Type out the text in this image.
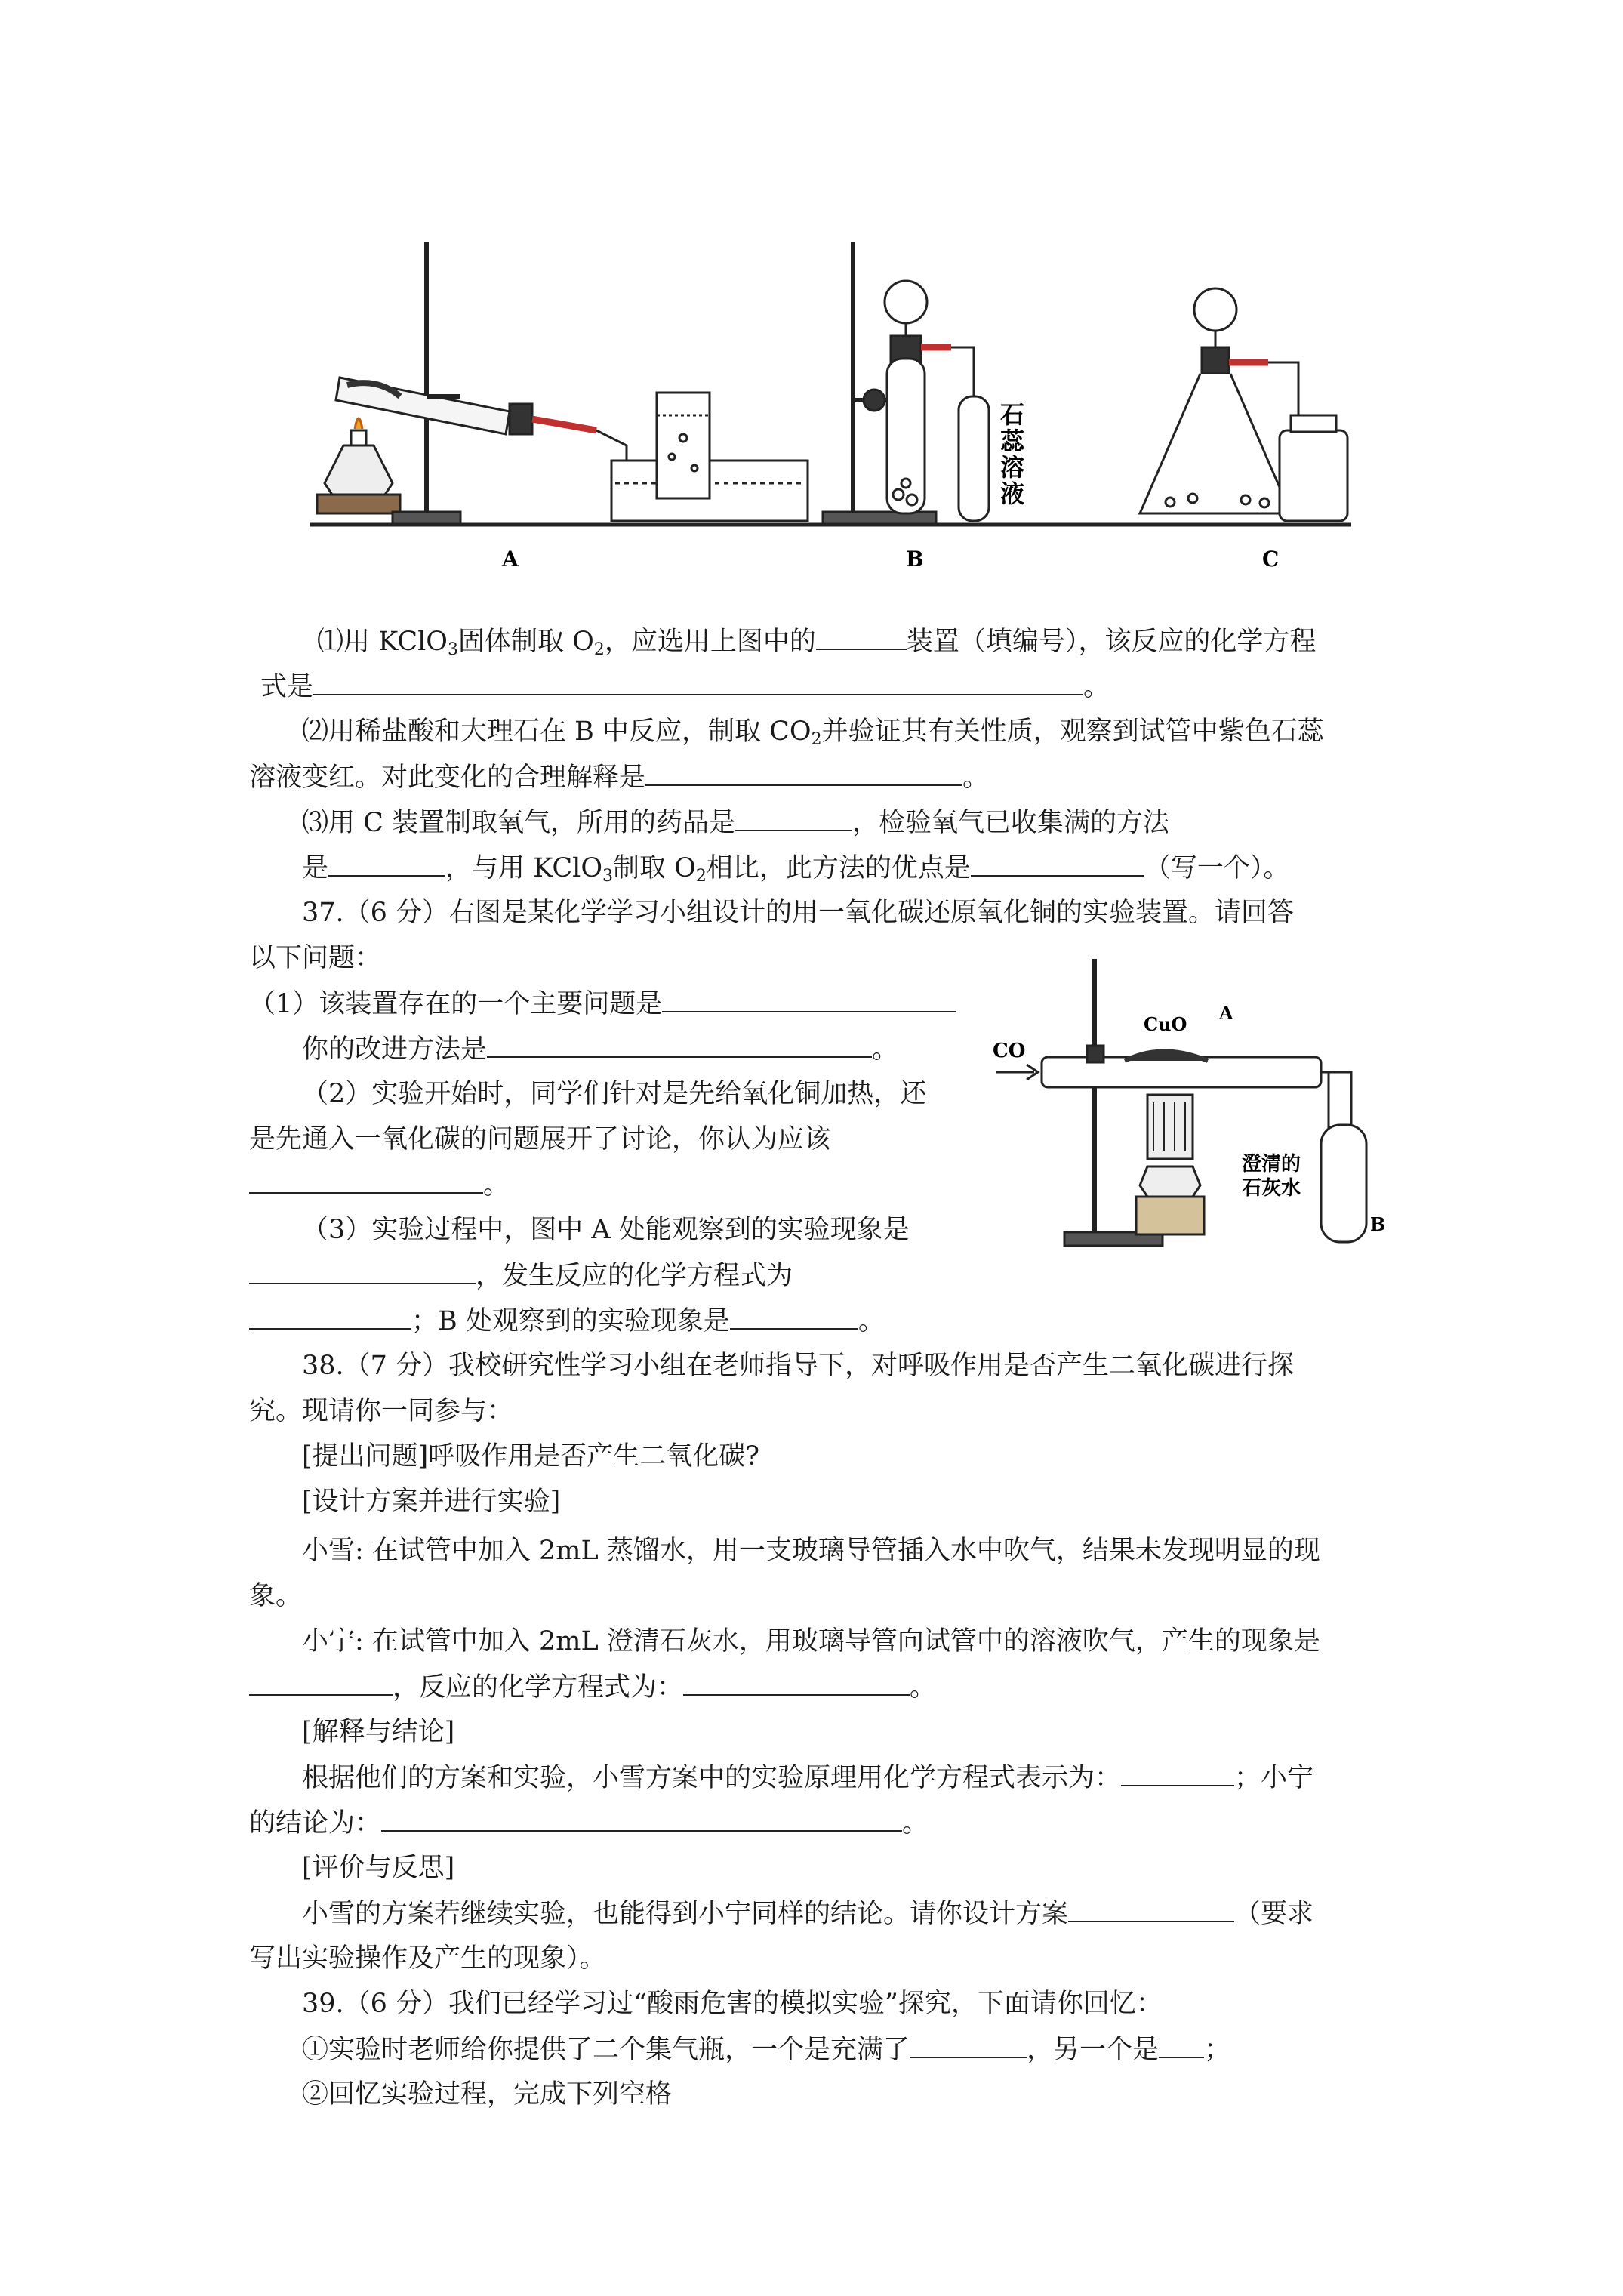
A	B	C
石
蕊
溶
液
⑴用 KClO$_3$固体制取 $O_2$，应选用上图中的	装置（填编号），该反应的化学方程
式是	。
⑵用稀盐酸和大理石在 B 中反应，制取 $CO_2$并验证其有关性质，观察到试管中紫色石蕊
溶液变红。对此变化的合理解释是	。
⑶用 C 装置制取氧气，所用的药品是	，检验氧气已收集满的方法
是	，与用 KClO$_3$制取 $O_2$相比，此方法的优点是	（写一个）。
37.（6 分）右图是某化学学习小组设计的用一氧化碳还原氧化铜的实验装置。请回答
以下问题：
（1）该装置存在的一个主要问题是
你的改进方法是	。
（2）实验开始时，同学们针对是先给氧化铜加热，还
是先通入一氧化碳的问题展开了讨论，你认为应该
。
（3）实验过程中，图中 A 处能观察到的实验现象是
，发生反应的化学方程式为
；B 处观察到的实验现象是	。
CO
CuO
A
B
澄清的
石灰水
38.（7 分）我校研究性学习小组在老师指导下，对呼吸作用是否产生二氧化碳进行探
究。现请你一同参与：
[提出问题]呼吸作用是否产生二氧化碳?
[设计方案并进行实验]
小雪: 在试管中加入 2mL 蒸馏水，用一支玻璃导管插入水中吹气，结果未发现明显的现
象。
小宁: 在试管中加入 2mL 澄清石灰水，用玻璃导管向试管中的溶液吹气，产生的现象是
，反应的化学方程式为：	。
[解释与结论]
根据他们的方案和实验，小雪方案中的实验原理用化学方程式表示为：	；小宁
的结论为：	。
[评价与反思]
小雪的方案若继续实验，也能得到小宁同样的结论。请你设计方案	（要求
写出实验操作及产生的现象）。
39.（6 分）我们已经学习过“酸雨危害的模拟实验”探究，下面请你回忆：
①实验时老师给你提供了二个集气瓶，一个是充满了	，另一个是 ；
②回忆实验过程，完成下列空格
